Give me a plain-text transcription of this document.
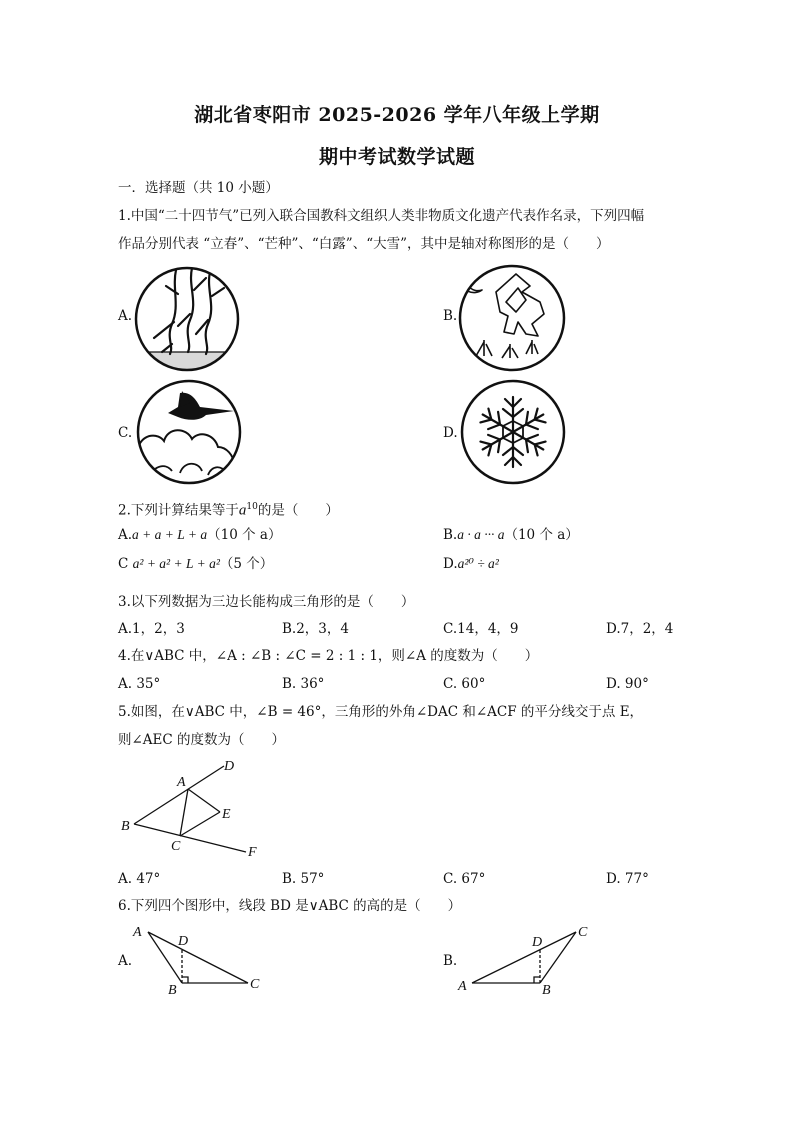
湖北省枣阳市 2025-2026 学年八年级上学期
期中考试数学试题
一．选择题（共 10 小题）
1.中国“二十四节气”已列入联合国教科文组织人类非物质文化遗产代表作名录，下列四幅
作品分别代表 “立春”、“芒种”、“白露”、“大雪”，其中是轴对称图形的是（　　）
A.	B.
C.	D.
2.下列计算结果等于$a^{10}$的是（　　）
A.a + a + L + a（10 个 a）	B.a · a ··· a（10 个 a）
C a² + a² + L + a²（5 个）	D.a²⁰ ÷ a²
3.以下列数据为三边长能构成三角形的是（　　）
A.1，2，3	B.2，3，4	C.14，4，9	D.7，2，4
4.在∨ABC 中，∠A : ∠B : ∠C = 2 : 1 : 1，则∠A 的度数为（　　）
A. 35°	B. 36°	C. 60°	D. 90°
5.如图，在∨ABC 中，∠B = 46°，三角形的外角∠DAC 和∠ACF 的平分线交于点 E，
则∠AEC 的度数为（　　）
A
B
C
D
E
F
A. 47°	B. 57°	C. 67°	D. 77°
6.下列四个图形中，线段 BD 是∨ABC 的高的是（　　）
A.	B.
A
B	C
D
A	B
C
D
